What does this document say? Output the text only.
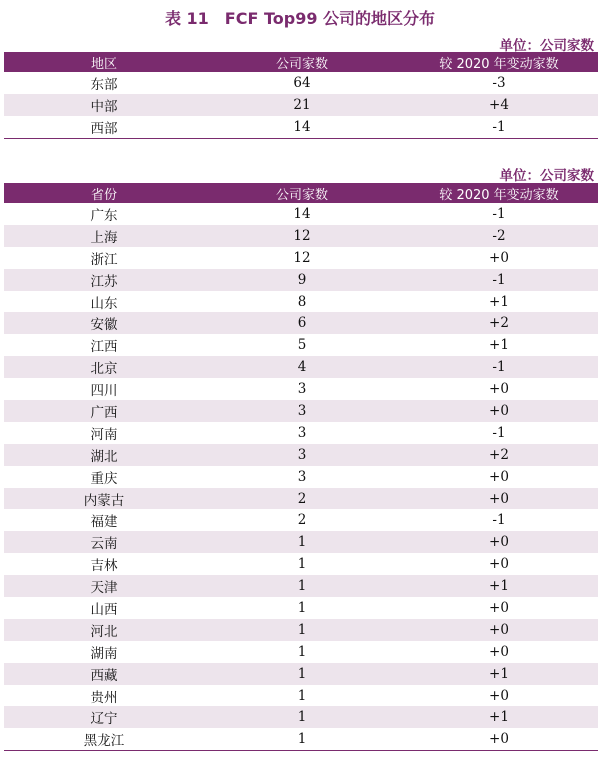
表 11　FCF Top99 公司的地区分布
单位：公司家数
地区	公司家数	较 2020 年变动家数
东部	64	-3
中部	21	+4
西部	14	-1
单位：公司家数
省份	公司家数	较 2020 年变动家数
广东	14	-1
上海	12	-2
浙江	12	+0
江苏	9	-1
山东	8	+1
安徽	6	+2
江西	5	+1
北京	4	-1
四川	3	+0
广西	3	+0
河南	3	-1
湖北	3	+2
重庆	3	+0
内蒙古	2	+0
福建	2	-1
云南	1	+0
吉林	1	+0
天津	1	+1
山西	1	+0
河北	1	+0
湖南	1	+0
西藏	1	+1
贵州	1	+0
辽宁	1	+1
黑龙江	1	+0
